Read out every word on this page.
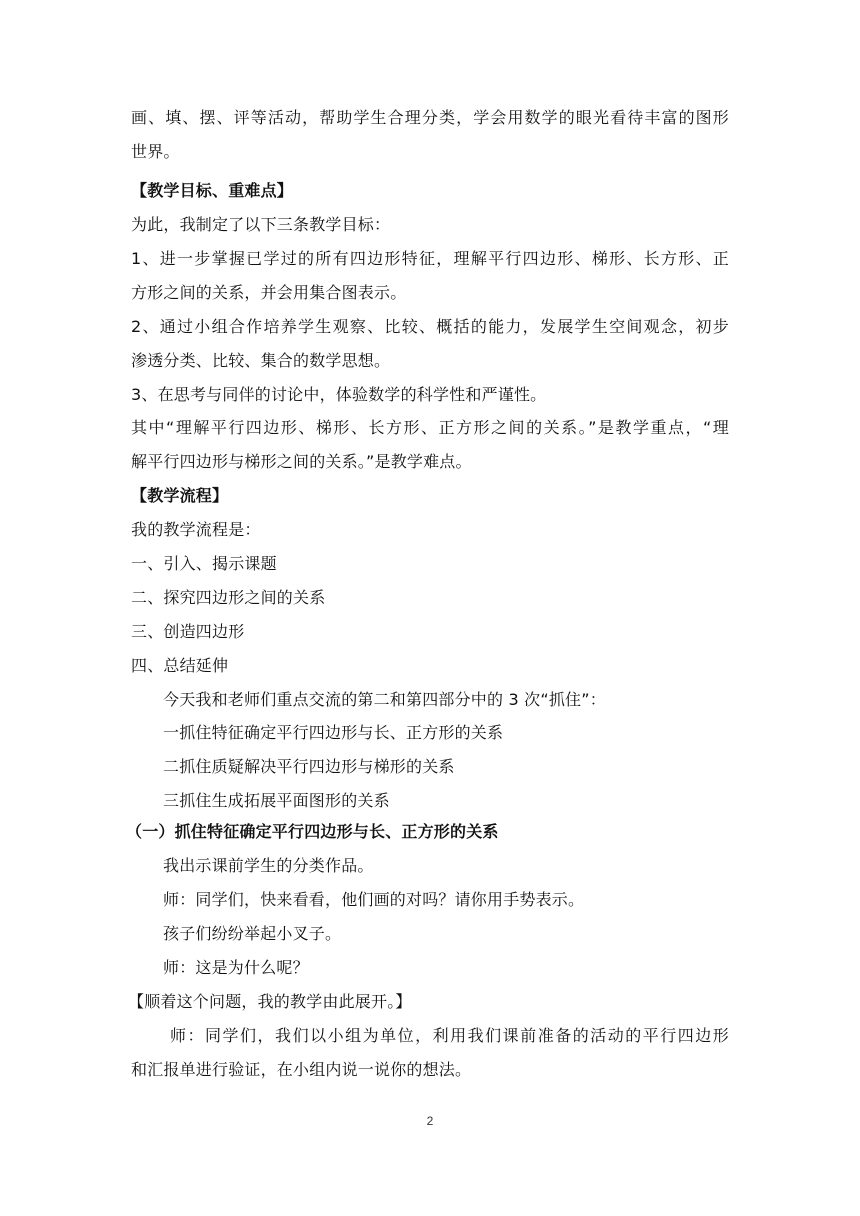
画、填、摆、评等活动，帮助学生合理分类，学会用数学的眼光看待丰富的图形
世界。
【教学目标、重难点】
为此，我制定了以下三条教学目标：
1、进一步掌握已学过的所有四边形特征，理解平行四边形、梯形、长方形、正
方形之间的关系，并会用集合图表示。
2、通过小组合作培养学生观察、比较、概括的能力，发展学生空间观念，初步
渗透分类、比较、集合的数学思想。
3、在思考与同伴的讨论中，体验数学的科学性和严谨性。
其中“理解平行四边形、梯形、长方形、正方形之间的关系。”是教学重点，“理
解平行四边形与梯形之间的关系。”是教学难点。
【教学流程】
我的教学流程是：
一、引入、揭示课题
二、探究四边形之间的关系
三、创造四边形
四、总结延伸
今天我和老师们重点交流的第二和第四部分中的 3 次“抓住”：
一抓住特征确定平行四边形与长、正方形的关系
二抓住质疑解决平行四边形与梯形的关系
三抓住生成拓展平面图形的关系
（一）抓住特征确定平行四边形与长、正方形的关系
我出示课前学生的分类作品。
师：同学们，快来看看，他们画的对吗？请你用手势表示。
孩子们纷纷举起小叉子。
师：这是为什么呢？
【顺着这个问题，我的教学由此展开。】
师：同学们，我们以小组为单位，利用我们课前准备的活动的平行四边形
和汇报单进行验证，在小组内说一说你的想法。
2
